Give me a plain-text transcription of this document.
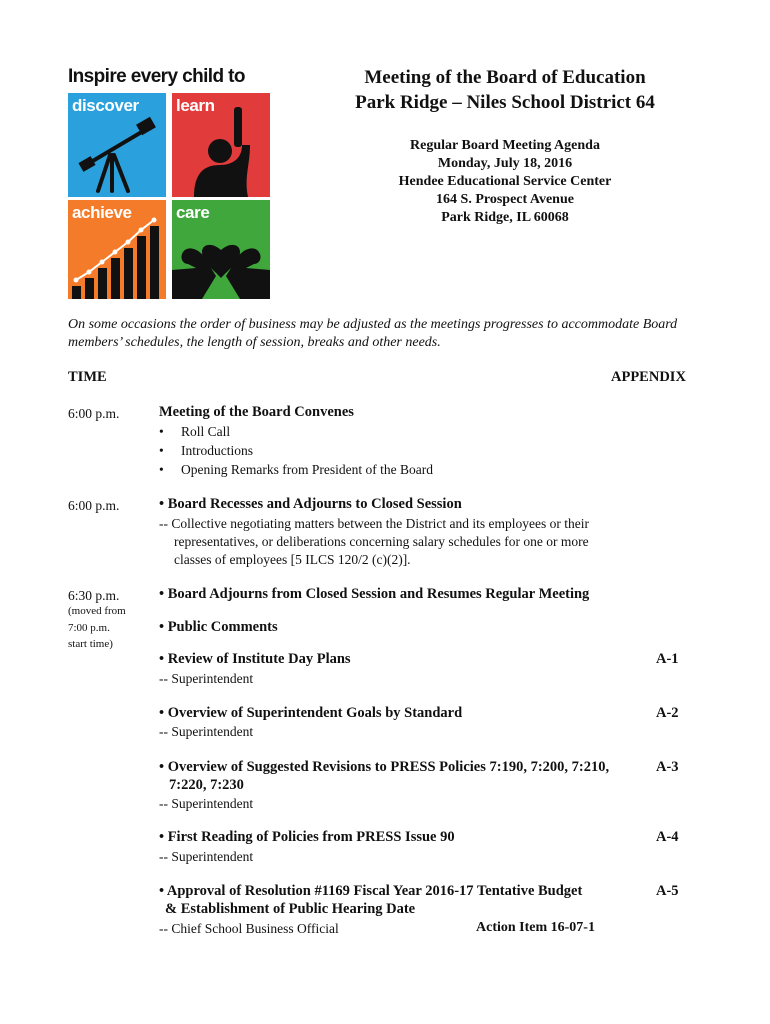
Inspire every child to
discover learn
achieve	care
Meeting of the Board of Education
Park Ridge – Niles School District 64
Regular Board Meeting Agenda
Monday, July 18, 2016
Hendee Educational Service Center
164 S. Prospect Avenue
Park Ridge, IL 60068
On some occasions the order of business may be adjusted as the meetings progresses to accommodate Board members’ schedules, the length of session, breaks and other needs.
TIME	APPENDIX
6:00 p.m.	Meeting of the Board Convenes
• Roll Call
• Introductions
• Opening Remarks from President of the Board
6:00 p.m.	• Board Recesses and Adjourns to Closed Session
-- Collective negotiating matters between the District and its employees or their
representatives, or deliberations concerning salary schedules for one or more
classes of employees [5 ILCS 120/2 (c)(2)].
6:30 p.m.
(moved from
7:00 p.m.
start time)
• Board Adjourns from Closed Session and Resumes Regular Meeting
• Public Comments
• Review of Institute Day Plans	A-1
-- Superintendent
• Overview of Superintendent Goals by Standard	A-2
-- Superintendent
• Overview of Suggested Revisions to PRESS Policies 7:190, 7:200, 7:210,	A-3
7:220, 7:230
-- Superintendent
• First Reading of Policies from PRESS Issue 90	A-4
-- Superintendent
• Approval of Resolution #1169 Fiscal Year 2016-17 Tentative Budget	A-5
& Establishment of Public Hearing Date
-- Chief School Business Official	Action Item 16-07-1
